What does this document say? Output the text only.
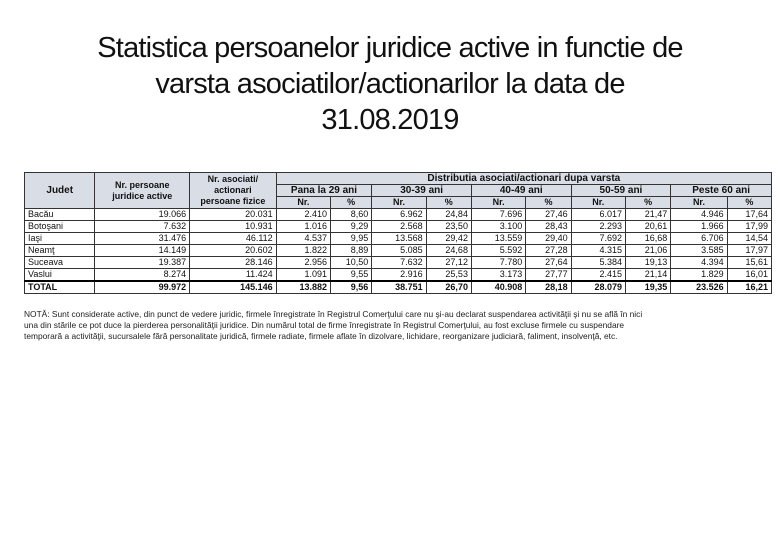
Statistica persoanelor juridice active in functie de
varsta asociatilor/actionarilor la data de
31.08.2019
Judet	Nr. persoane juridice active	Nr. asociati/ actionari persoane fizice	Distributia asociati/actionari dupa varsta									
			Pana la 29 ani		30-39 ani		40-49 ani		50-59 ani		Peste 60 ani	
			Nr.	%	Nr.	%	Nr.	%	Nr.	%	Nr.	%
Bacău	19.066	20.031	2.410	8,60	6.962	24,84	7.696	27,46	6.017	21,47	4.946	17,64
Botoşani	7.632	10.931	1.016	9,29	2.568	23,50	3.100	28,43	2.293	20,61	1.966	17,99
Iaşi	31.476	46.112	4.537	9,95	13.568	29,42	13.559	29,40	7.692	16,68	6.706	14,54
Neamţ	14.149	20.602	1.822	8,89	5.085	24,68	5.592	27,28	4.315	21,06	3.585	17,97
Suceava	19.387	28.146	2.956	10,50	7.632	27,12	7.780	27,64	5.384	19,13	4.394	15,61
Vaslui	8.274	11.424	1.091	9,55	2.916	25,53	3.173	27,77	2.415	21,14	1.829	16,01
TOTAL	99.972	145.146	13.882	9,56	38.751	26,70	40.908	28,18	28.079	19,35	23.526	16,21
NOTĂ: Sunt considerate active, din punct de vedere juridic, firmele înregistrate în Registrul Comerţului care nu şi-au declarat suspendarea activităţii şi nu se află în nici
una din stările ce pot duce la pierderea personalităţii juridice. Din numărul total de firme înregistrate în Registrul Comerţului, au fost excluse firmele cu suspendare
temporară a activităţii, sucursalele fără personalitate juridică, firmele radiate, firmele aflate în dizolvare, lichidare, reorganizare judiciară, faliment, insolvenţă, etc.
